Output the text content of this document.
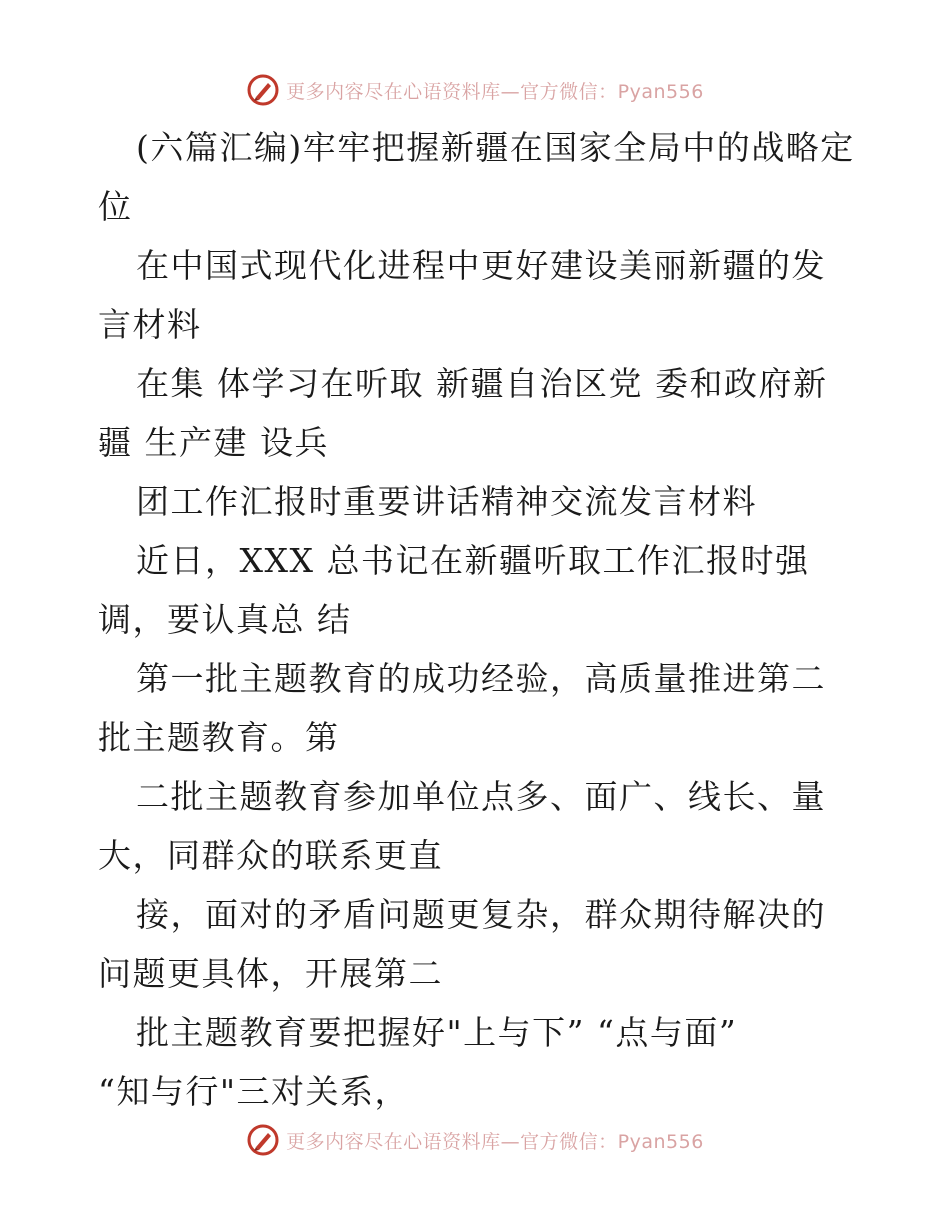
更多内容尽在心语资料库—官方微信：Pyan556

(六篇汇编)牢牢把握新疆在国家全局中的战略定位

在中国式现代化进程中更好建设美丽新疆的发言材料

在集 体学习在听取 新疆自治区党 委和政府新疆 生产建 设兵

团工作汇报时重要讲话精神交流发言材料

近日，XXX 总书记在新疆听取工作汇报时强调，要认真总 结

第一批主题教育的成功经验，高质量推进第二批主题教育。第

二批主题教育参加单位点多、面广、线长、量大，同群众的联系更直

接，面对的矛盾问题更复杂，群众期待解决的问题更具体，开展第二

批主题教育要把握好"上与下” “点与面”

“知与行"三对关系，

更多内容尽在心语资料库—官方微信：Pyan556
